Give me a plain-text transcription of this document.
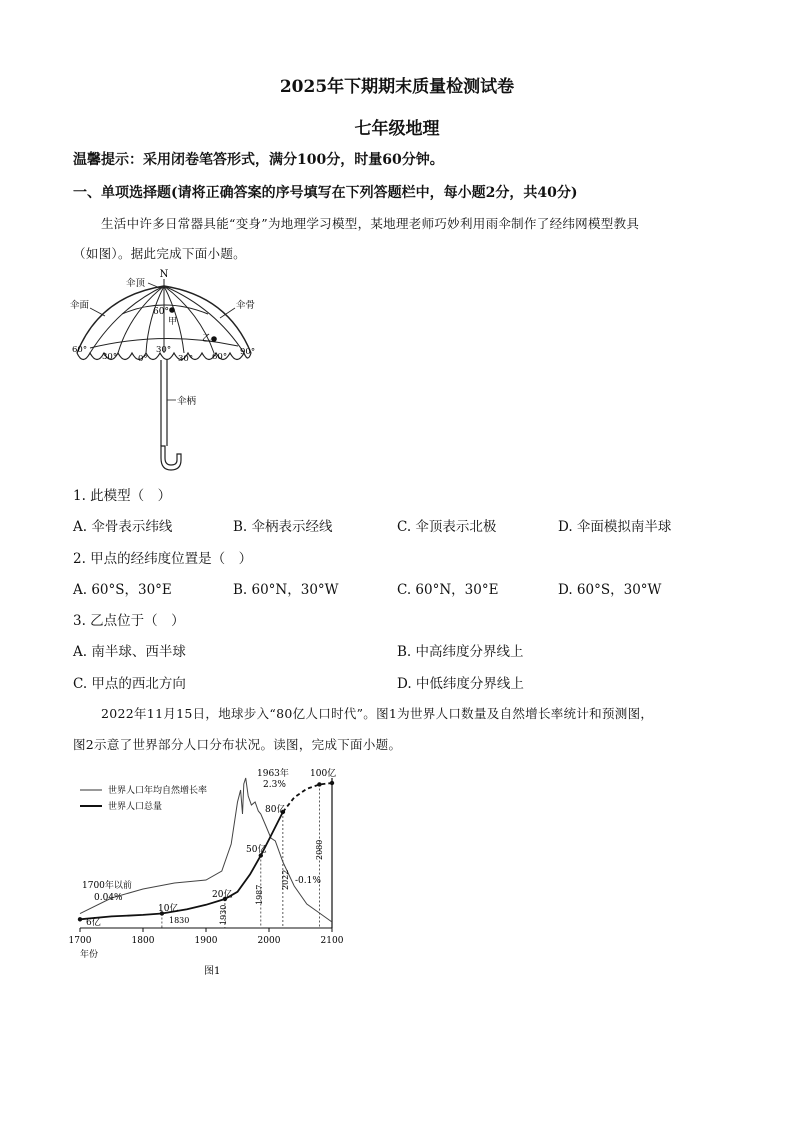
2025年下期期末质量检测试卷
七年级地理
温馨提示：采用闭卷笔答形式，满分100分，时量60分钟。
一、单项选择题(请将正确答案的序号填写在下列答题栏中，每小题2分，共40分)
生活中许多日常器具能“变身”为地理学习模型，某地理老师巧妙利用雨伞制作了经纬网模型教具
（如图）。据此完成下面小题。
N
伞顶
伞面	伞骨
伞柄
60°
甲
乙
30°
60°
30° 0°	30° 60° 90°
1. 此模型（　）
A. 伞骨表示纬线	B. 伞柄表示经线	C. 伞顶表示北极	D. 伞面模拟南半球
2. 甲点的经纬度位置是（　）
A. 60°S，30°E	B. 60°N，30°W	C. 60°N，30°E	D. 60°S，30°W
3. 乙点位于（　）
A. 南半球、西半球	B. 中高纬度分界线上
C. 甲点的西北方向	D. 中低纬度分界线上
2022年11月15日，地球步入“80亿人口时代”。图1为世界人口数量及自然增长率统计和预测图，
图2示意了世界部分人口分布状况。读图，完成下面小题。
世界人口年均自然增长率
世界人口总量
1700	1800	1900	2000	2100
1700年以前
0.04%
1963年
2.3%
-0.1%
6亿
10亿
20亿
50亿
80亿
100亿
1830	1930
1987
2022
2080
年份
图1
